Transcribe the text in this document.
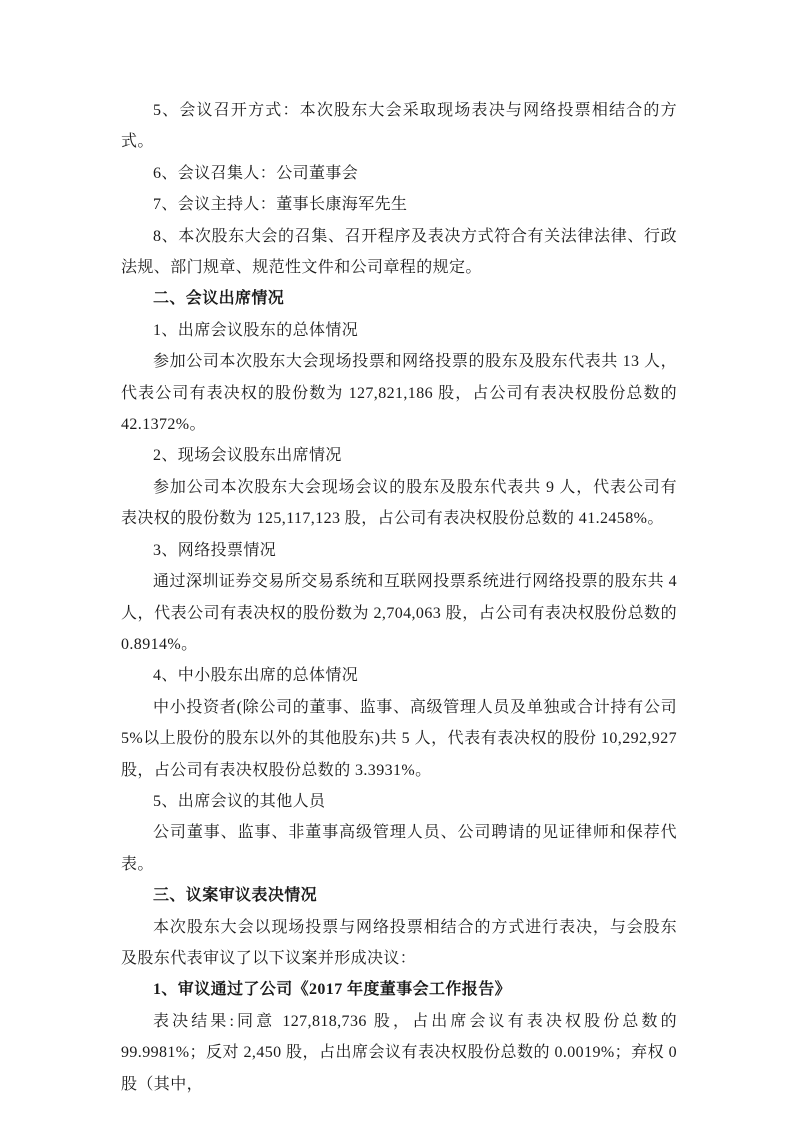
5、会议召开方式：本次股东大会采取现场表决与网络投票相结合的方式。

6、会议召集人：公司董事会

7、会议主持人：董事长康海军先生

8、本次股东大会的召集、召开程序及表决方式符合有关法律法律、行政法规、部门规章、规范性文件和公司章程的规定。

二、会议出席情况

1、出席会议股东的总体情况

参加公司本次股东大会现场投票和网络投票的股东及股东代表共 13 人，代表公司有表决权的股份数为 127,821,186 股，占公司有表决权股份总数的 42.1372%。

2、现场会议股东出席情况

参加公司本次股东大会现场会议的股东及股东代表共 9 人，代表公司有表决权的股份数为 125,117,123 股，占公司有表决权股份总数的 41.2458%。

3、网络投票情况

通过深圳证券交易所交易系统和互联网投票系统进行网络投票的股东共 4 人，代表公司有表决权的股份数为 2,704,063 股，占公司有表决权股份总数的 0.8914%。

4、中小股东出席的总体情况

中小投资者(除公司的董事、监事、高级管理人员及单独或合计持有公司 5%以上股份的股东以外的其他股东)共 5 人，代表有表决权的股份 10,292,927 股，占公司有表决权股份总数的 3.3931%。

5、出席会议的其他人员

公司董事、监事、非董事高级管理人员、公司聘请的见证律师和保荐代表。

三、议案审议表决情况

本次股东大会以现场投票与网络投票相结合的方式进行表决，与会股东及股东代表审议了以下议案并形成决议：

1、审议通过了公司《2017 年度董事会工作报告》

表决结果:同意 127,818,736 股，占出席会议有表决权股份总数的 99.9981%；反对 2,450 股，占出席会议有表决权股份总数的 0.0019%；弃权 0 股（其中，
